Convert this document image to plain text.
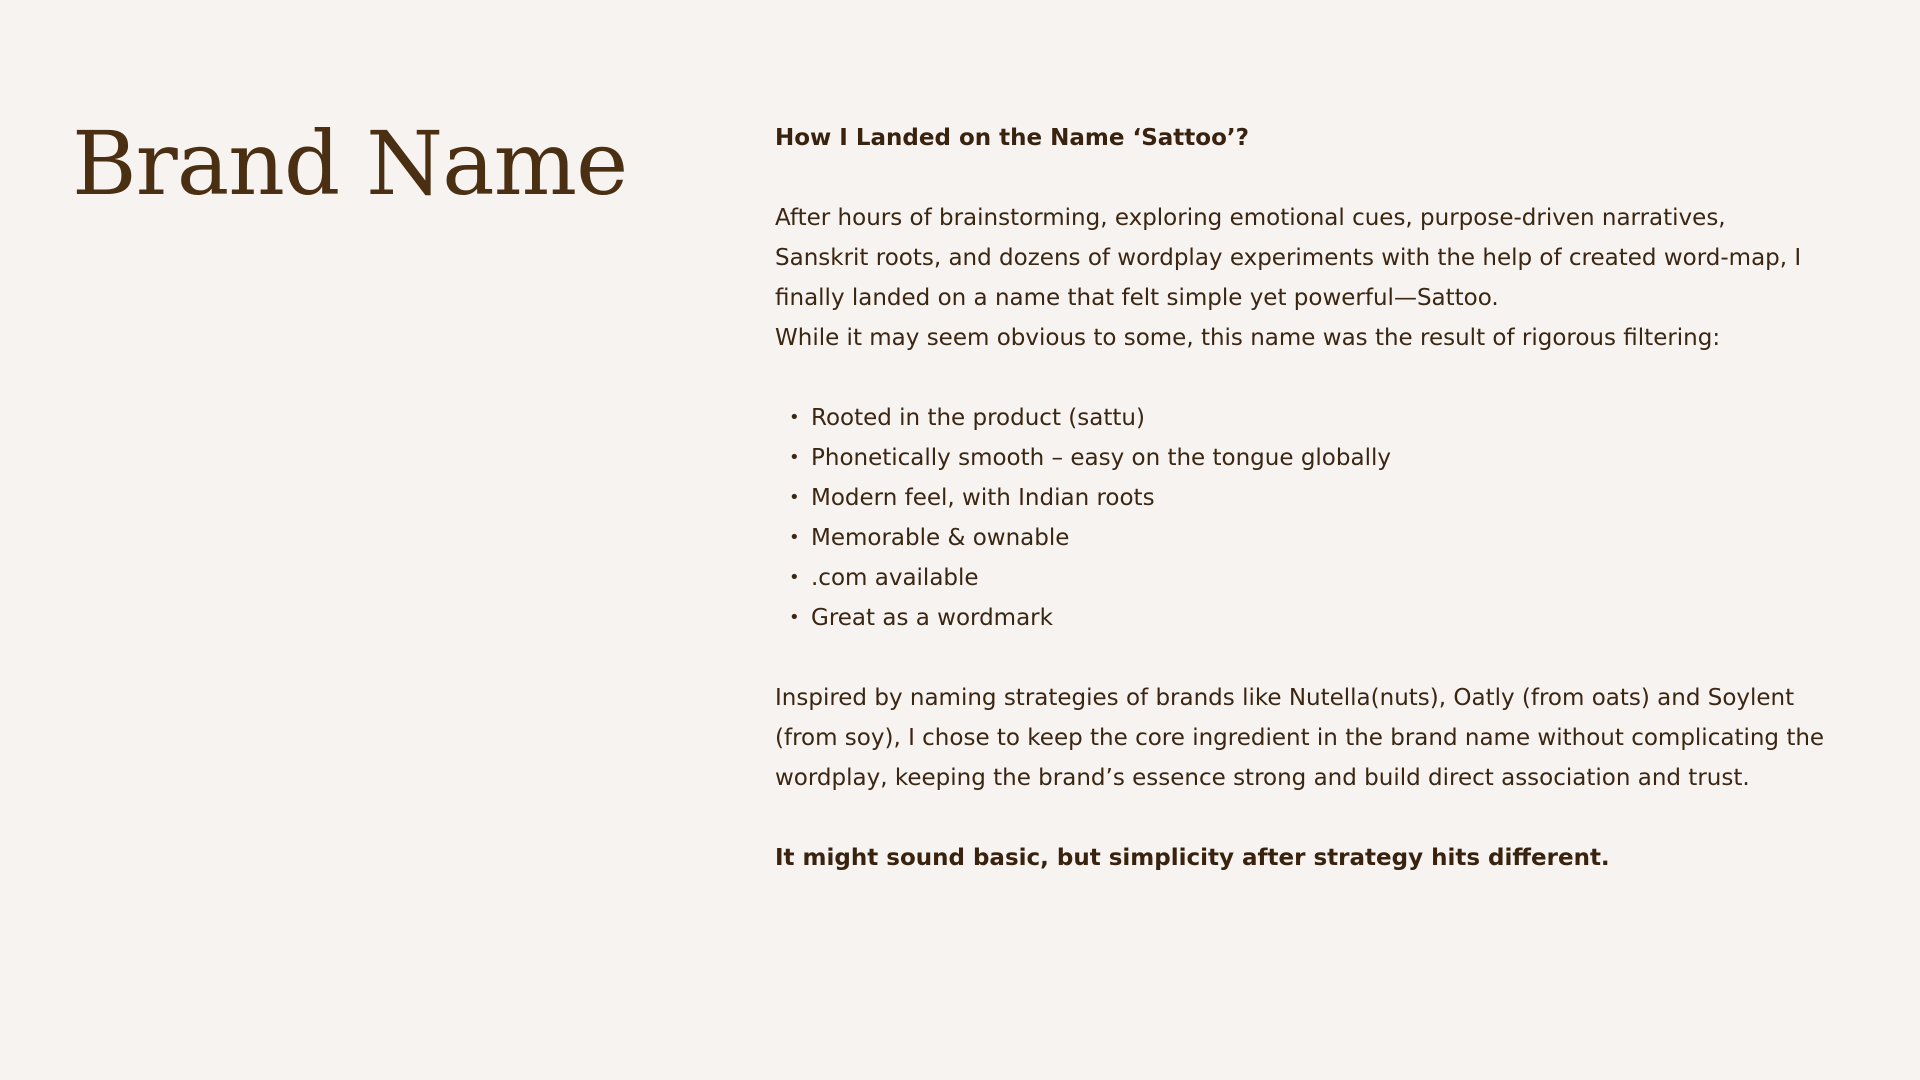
Brand Name	How I Landed on the Name ‘Sattoo’?

After hours of brainstorming, exploring emotional cues, purpose-driven narratives,

Sanskrit roots, and dozens of wordplay experiments with the help of created word-map, I

finally landed on a name that felt simple yet powerful—Sattoo.

While it may seem obvious to some, this name was the result of rigorous filtering:

• Rooted in the product (sattu)
• Phonetically smooth – easy on the tongue globally
• Modern feel, with Indian roots
• Memorable & ownable
• .com available
• Great as a wordmark

Inspired by naming strategies of brands like Nutella(nuts), Oatly (from oats) and Soylent

(from soy), I chose to keep the core ingredient in the brand name without complicating the

wordplay, keeping the brand’s essence strong and build direct association and trust.

It might sound basic, but simplicity after strategy hits different.
